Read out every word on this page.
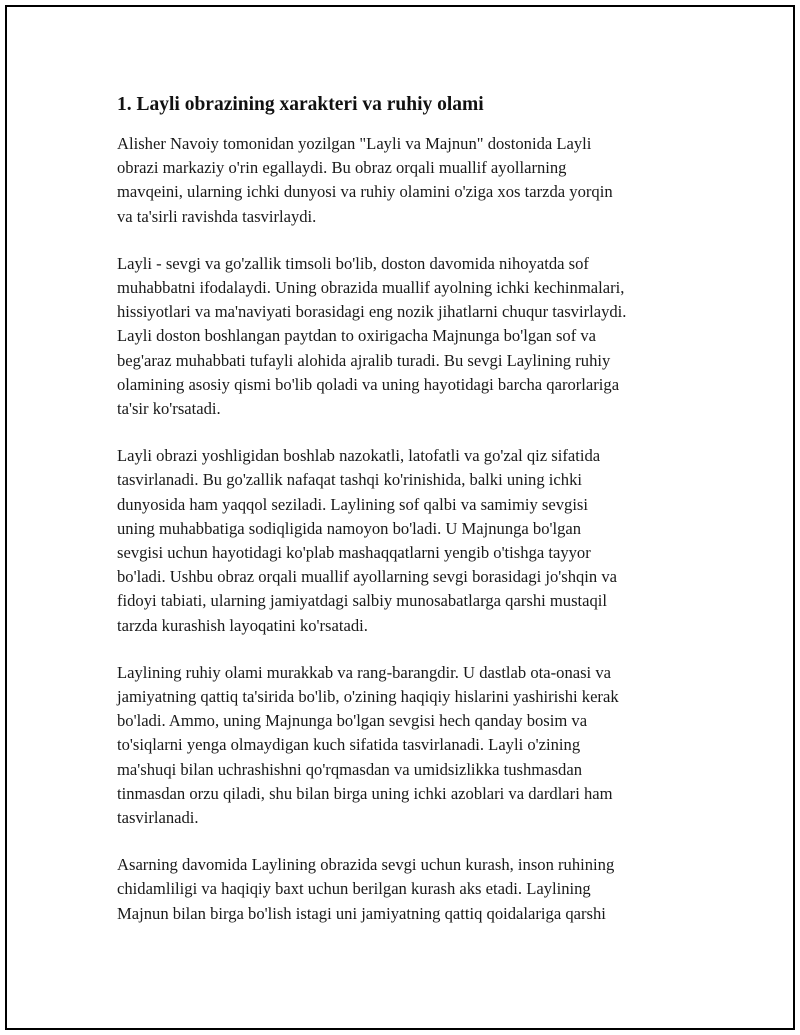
1. Layli obrazining xarakteri va ruhiy olami

Alisher Navoiy tomonidan yozilgan "Layli va Majnun" dostonida Layli
obrazi markaziy o'rin egallaydi. Bu obraz orqali muallif ayollarning
mavqeini, ularning ichki dunyosi va ruhiy olamini o'ziga xos tarzda yorqin
va ta'sirli ravishda tasvirlaydi.

Layli - sevgi va go'zallik timsoli bo'lib, doston davomida nihoyatda sof
muhabbatni ifodalaydi. Uning obrazida muallif ayolning ichki kechinmalari,
hissiyotlari va ma'naviyati borasidagi eng nozik jihatlarni chuqur tasvirlaydi.
Layli doston boshlangan paytdan to oxirigacha Majnunga bo'lgan sof va
beg'araz muhabbati tufayli alohida ajralib turadi. Bu sevgi Laylining ruhiy
olamining asosiy qismi bo'lib qoladi va uning hayotidagi barcha qarorlariga
ta'sir ko'rsatadi.

Layli obrazi yoshligidan boshlab nazokatli, latofatli va go'zal qiz sifatida
tasvirlanadi. Bu go'zallik nafaqat tashqi ko'rinishida, balki uning ichki
dunyosida ham yaqqol seziladi. Laylining sof qalbi va samimiy sevgisi
uning muhabbatiga sodiqligida namoyon bo'ladi. U Majnunga bo'lgan
sevgisi uchun hayotidagi ko'plab mashaqqatlarni yengib o'tishga tayyor
bo'ladi. Ushbu obraz orqali muallif ayollarning sevgi borasidagi jo'shqin va
fidoyi tabiati, ularning jamiyatdagi salbiy munosabatlarga qarshi mustaqil
tarzda kurashish layoqatini ko'rsatadi.

Laylining ruhiy olami murakkab va rang-barangdir. U dastlab ota-onasi va
jamiyatning qattiq ta'sirida bo'lib, o'zining haqiqiy hislarini yashirishi kerak
bo'ladi. Ammo, uning Majnunga bo'lgan sevgisi hech qanday bosim va
to'siqlarni yenga olmaydigan kuch sifatida tasvirlanadi. Layli o'zining
ma'shuqi bilan uchrashishni qo'rqmasdan va umidsizlikka tushmasdan
tinmasdan orzu qiladi, shu bilan birga uning ichki azoblari va dardlari ham
tasvirlanadi.

Asarning davomida Laylining obrazida sevgi uchun kurash, inson ruhining
chidamliligi va haqiqiy baxt uchun berilgan kurash aks etadi. Laylining
Majnun bilan birga bo'lish istagi uni jamiyatning qattiq qoidalariga qarshi
